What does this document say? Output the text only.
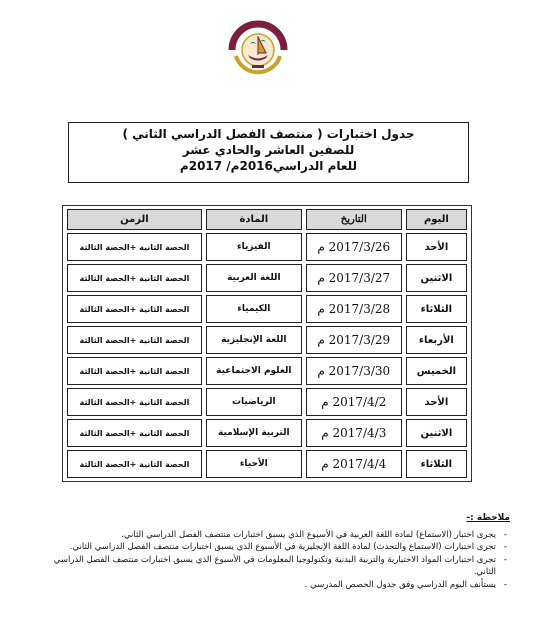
جدول اختبارات ( منتصف الفصل الدراسي الثاني )
للصفين العاشر والحادي عشر
للعام الدراسي2016م/ 2017م
اليوم	التاريخ	المادة	الزمن
الأحد	2017/3/26 م	الفيزياء	الحصة الثانية +الحصة الثالثة
الاثنين	2017/3/27 م	اللغة العربية	الحصة الثانية +الحصة الثالثة
الثلاثاء	2017/3/28 م	الكيمياء	الحصة الثانية +الحصة الثالثة
الأربعاء	2017/3/29 م	اللغة الإنجليزية	الحصة الثانية +الحصة الثالثة
الخميس	2017/3/30 م	العلوم الاجتماعية	الحصة الثانية +الحصة الثالثة
الأحد	2017/4/2 م	الرياضيات	الحصة الثانية +الحصة الثالثة
الاثنين	2017/4/3 م	التربية الإسلامية	الحصة الثانية +الحصة الثالثة
الثلاثاء	2017/4/4 م	الأحياء	الحصة الثانية +الحصة الثالثة
ملاحظة :-
- يجرى اختبار (الاستماع) لمادة اللغة العربية في الأسبوع الذي يسبق اختبارات منتصف الفصل الدراسي الثاني.
- تجرى اختبارات (الاستماع والتحدث) لمادة اللغة الإنجليزية في الأسبوع الذي يسبق اختبارات منتصف الفصل الدراسي الثاني.
- تجرى اختبارات المواد الاختيارية والتربية البدنية وتكنولوجيا المعلومات في الأسبوع الذي يسبق اختبارات منتصف الفصل الدراسي الثاني.
- يستأنف اليوم الدراسي وفق جدول الحصص المدرسي .
